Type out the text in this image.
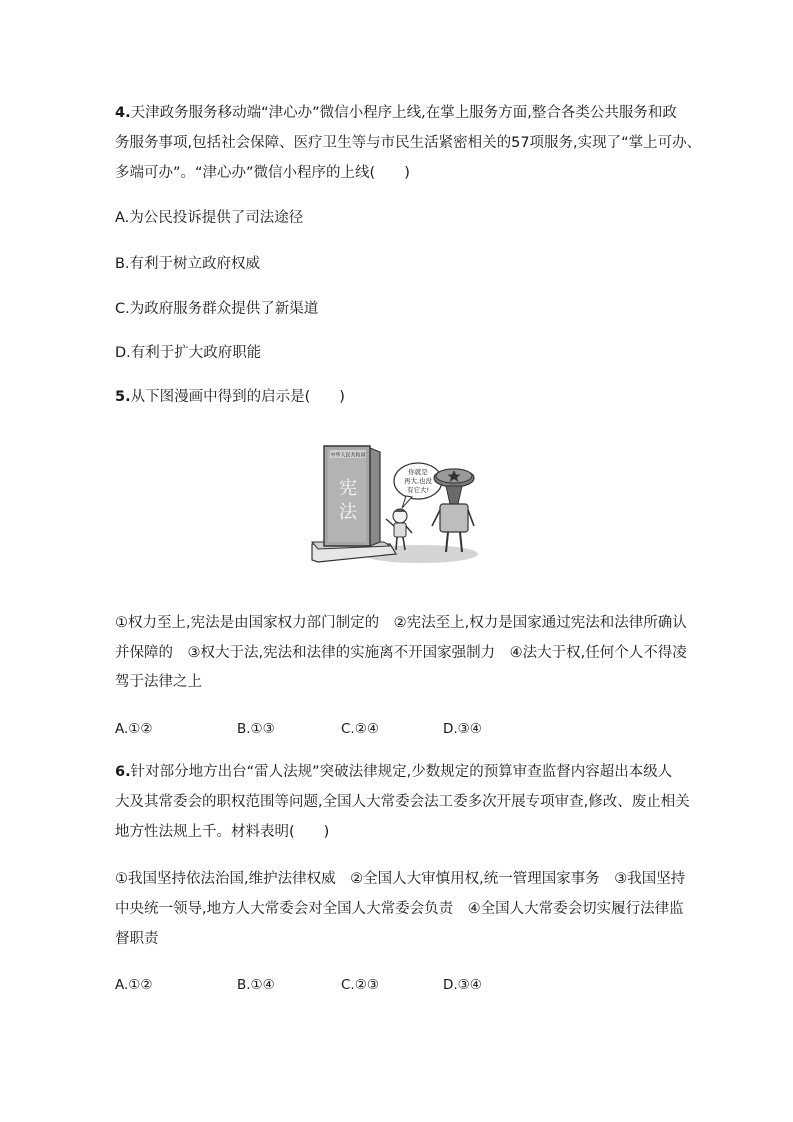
4.天津政务服务移动端“津心办”微信小程序上线,在掌上服务方面,整合各类公共服务和政
务服务事项,包括社会保障、医疗卫生等与市民生活紧密相关的57项服务,实现了“掌上可办、
多端可办”。“津心办”微信小程序的上线(　　)
A.为公民投诉提供了司法途径
B.有利于树立政府权威
C.为政府服务群众提供了新渠道
D.有利于扩大政府职能
5.从下图漫画中得到的启示是(　　)
中华人民共和国
宪
法
你就是
再大,也没
有它大!
①权力至上,宪法是由国家权力部门制定的　②宪法至上,权力是国家通过宪法和法律所确认
并保障的　③权大于法,宪法和法律的实施离不开国家强制力　④法大于权,任何个人不得凌
驾于法律之上
A.①②	B.①③	C.②④	D.③④
6.针对部分地方出台“雷人法规”突破法律规定,少数规定的预算审查监督内容超出本级人
大及其常委会的职权范围等问题,全国人大常委会法工委多次开展专项审查,修改、废止相关
地方性法规上千。材料表明(　　)
①我国坚持依法治国,维护法律权威　②全国人大审慎用权,统一管理国家事务　③我国坚持
中央统一领导,地方人大常委会对全国人大常委会负责　④全国人大常委会切实履行法律监
督职责
A.①②	B.①④	C.②③	D.③④
